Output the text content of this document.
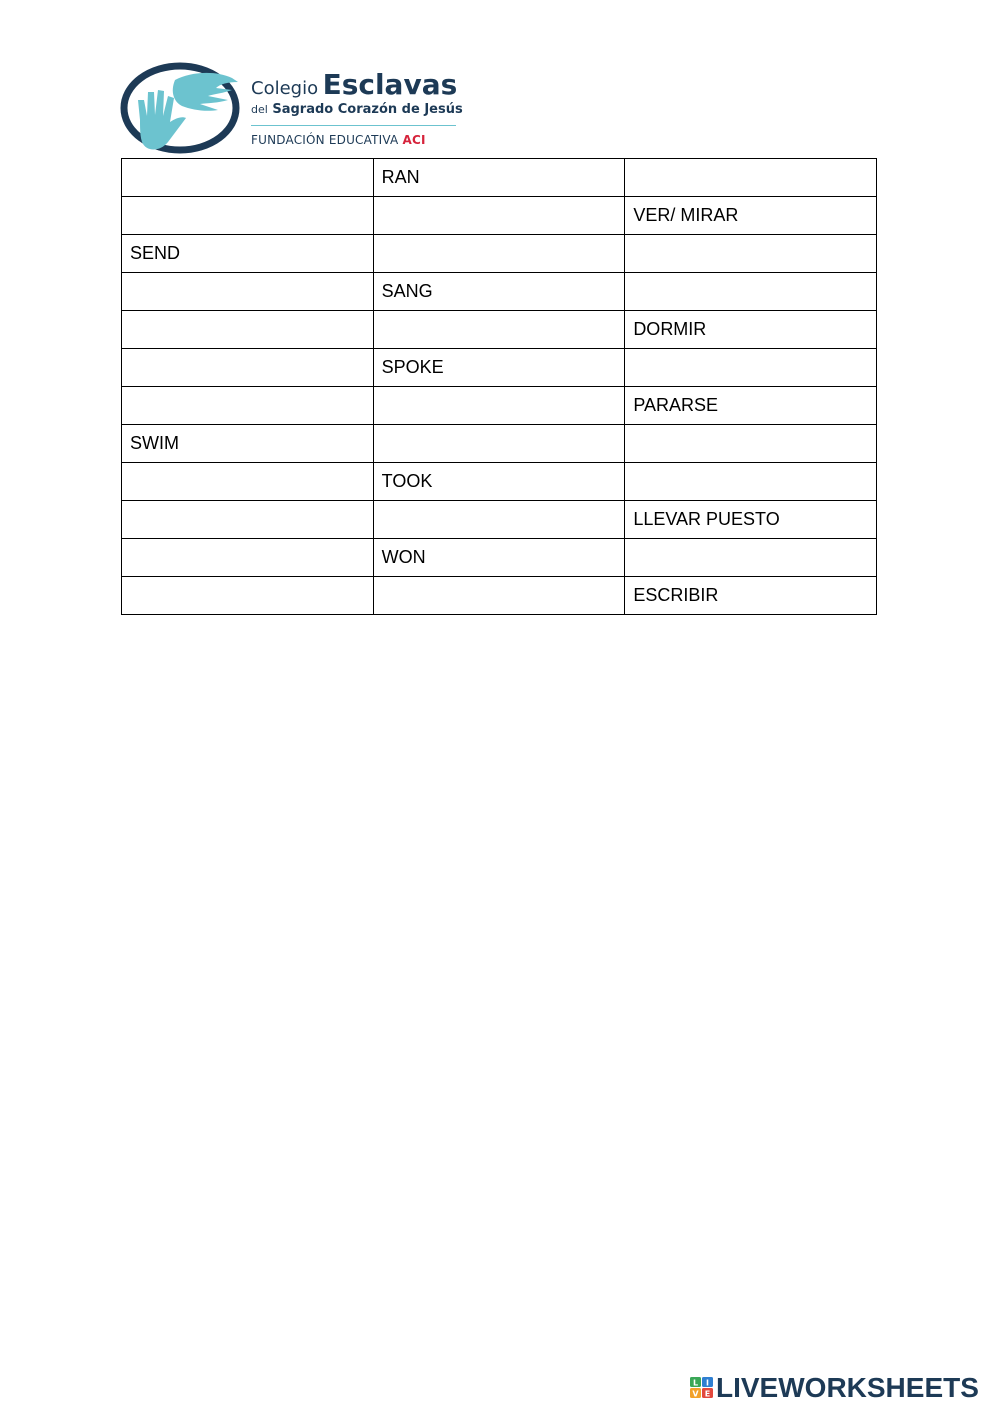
Colegio Esclavas
del Sagrado Corazón de Jesús
FUNDACIÓN EDUCATIVA ACI
	RAN	
		VER/ MIRAR
SEND		
	SANG	
		DORMIR
	SPOKE	
		PARARSE
SWIM		
	TOOK	
		LLEVAR PUESTO
	WON	
		ESCRIBIR
L I
V E LIVEWORKSHEETS
